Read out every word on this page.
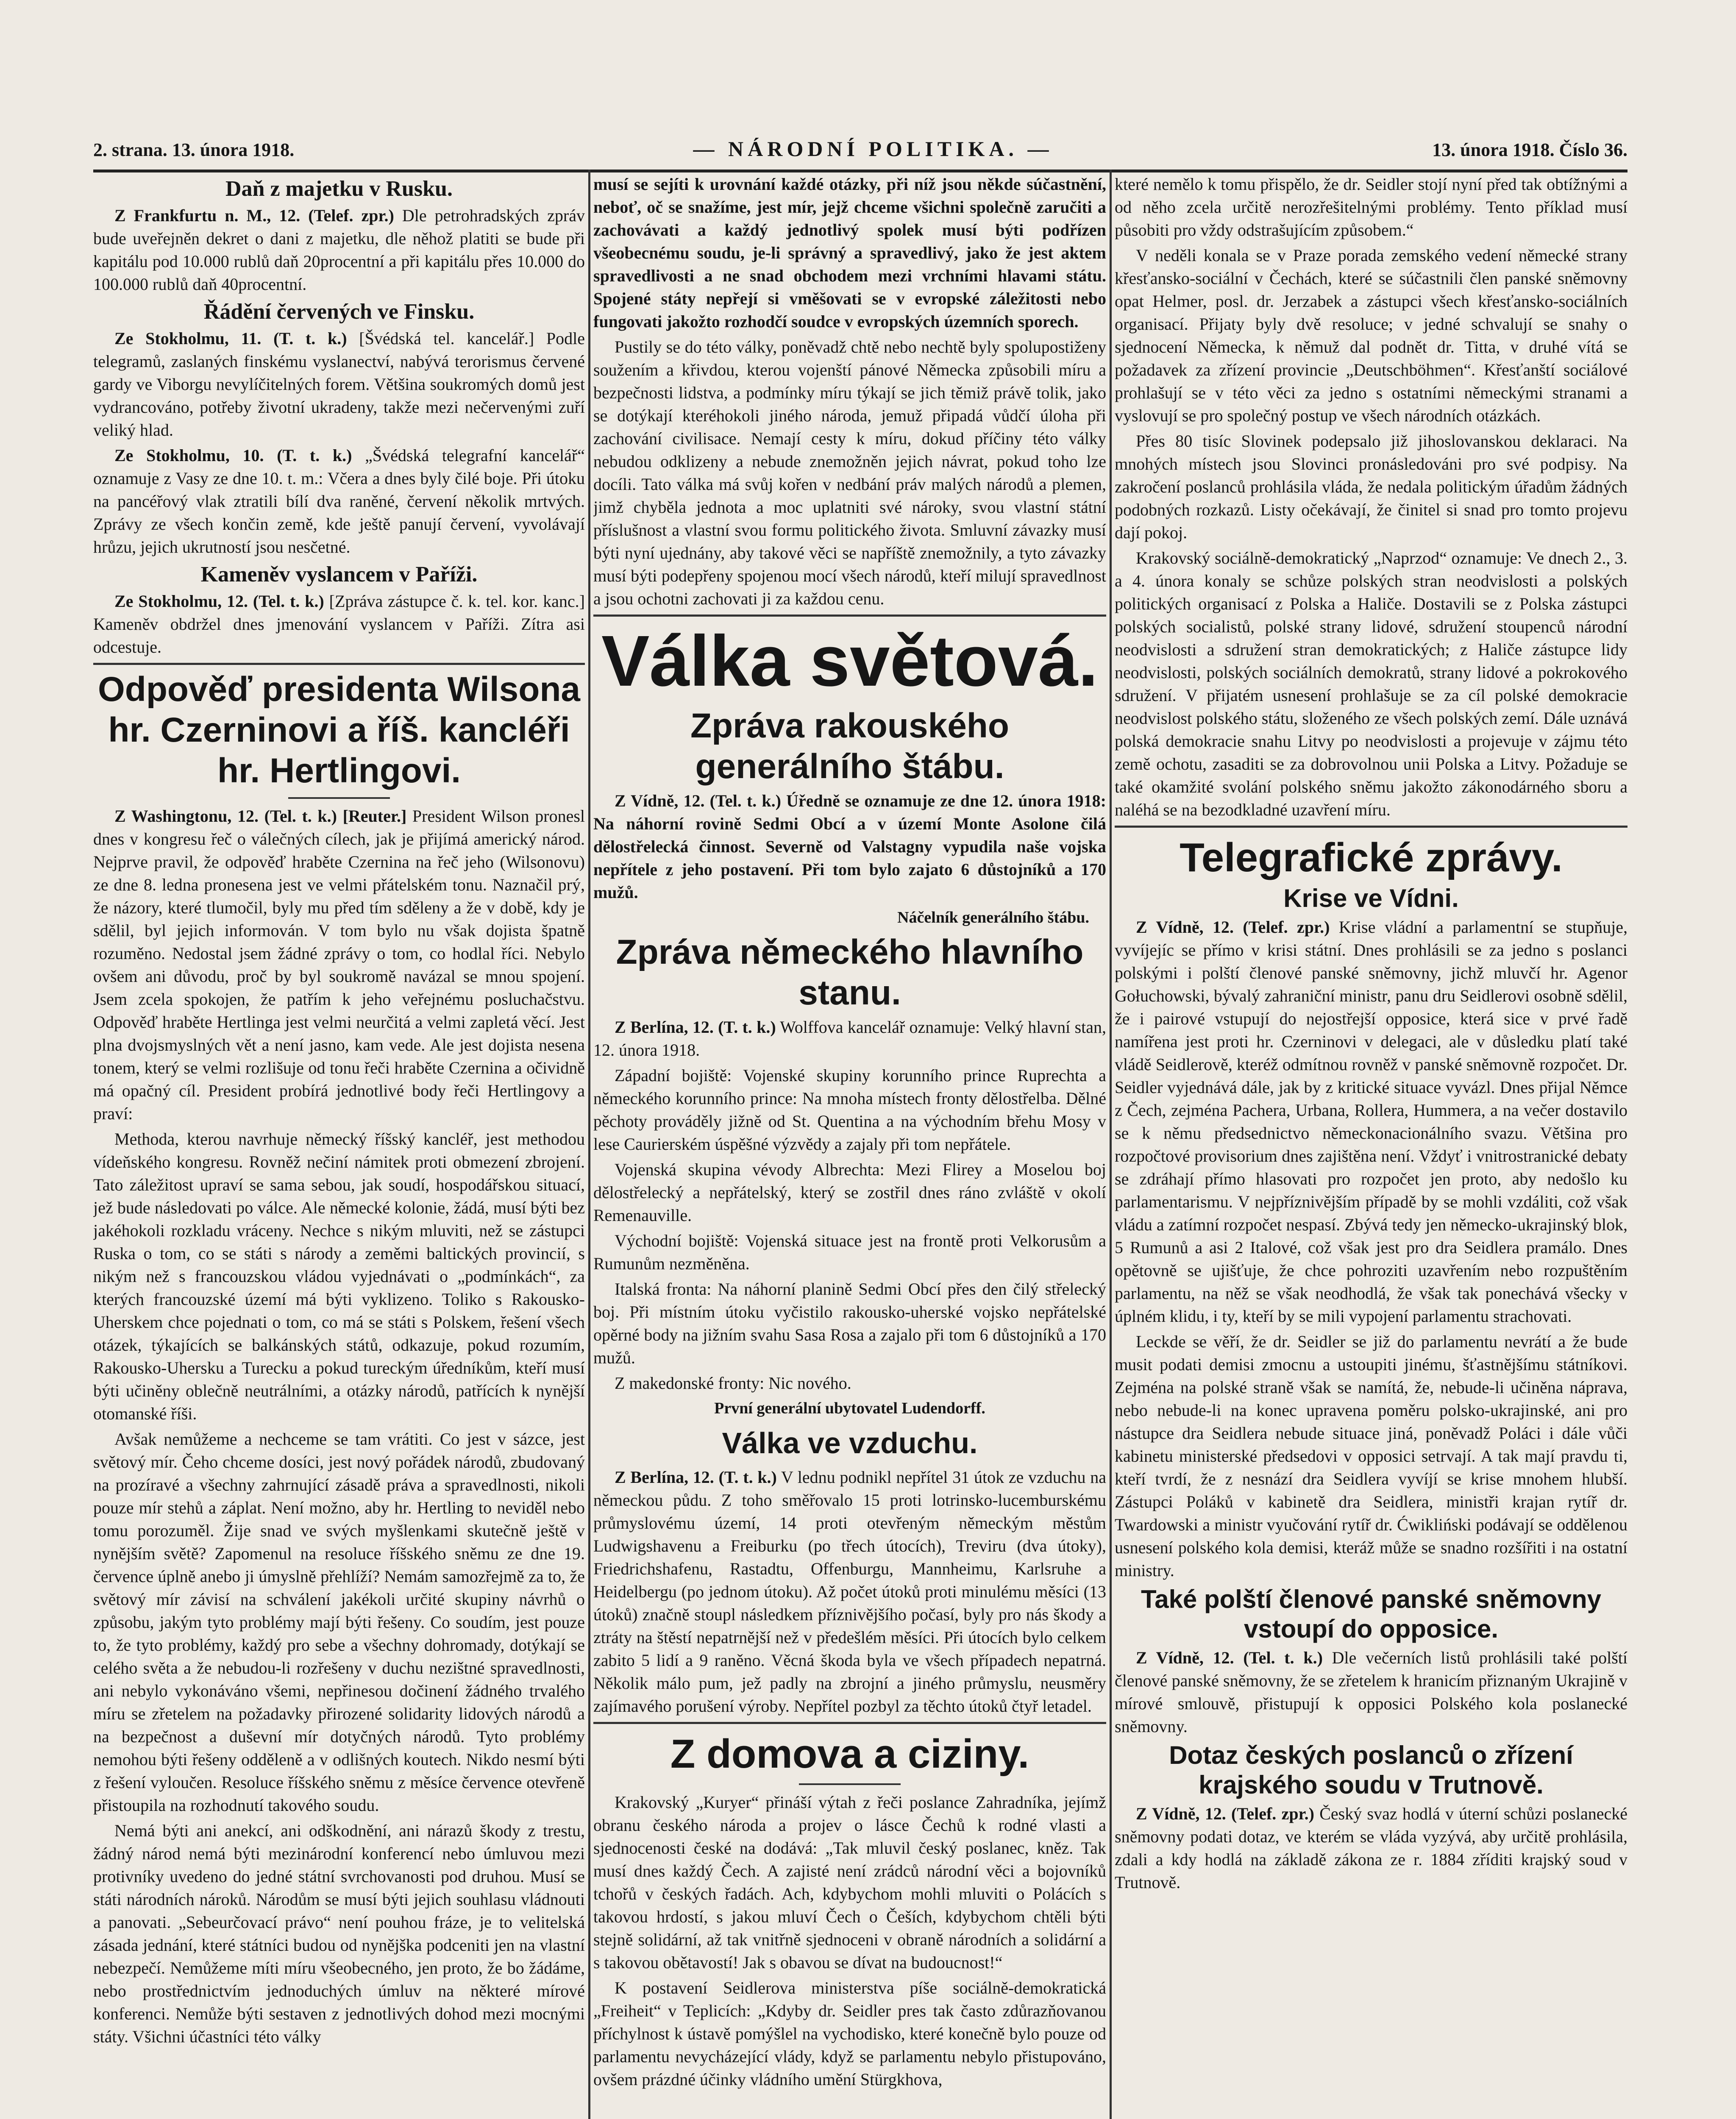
2. strana. 13. února 1918.	— NÁRODNÍ POLITIKA. —	13. února 1918. Číslo 36.
Daň z majetku v Rusku.

Z Frankfurtu n. M., 12. (Telef. zpr.) Dle petrohradských zpráv bude uveřejněn dekret o dani z majetku, dle něhož platiti se bude při kapitálu pod 10.000 rublů daň 20procentní a při kapitálu přes 10.000 do 100.000 rublů daň 40procentní.

Řádění červených ve Finsku.

Ze Stokholmu, 11. (T. t. k.) [Švédská tel. kancelář.] Podle telegramů, zaslaných finskému vyslanectví, nabývá terorismus červené gardy ve Viborgu nevylíčitelných forem. Většina soukromých domů jest vydrancováno, potřeby životní ukradeny, takže mezi nečervenými zuří veliký hlad.

Ze Stokholmu, 10. (T. t. k.) „Švédská telegrafní kancelář“ oznamuje z Vasy ze dne 10. t. m.: Včera a dnes byly čilé boje. Při útoku na pancéřový vlak ztratili bílí dva raněné, červení několik mrtvých. Zprávy ze všech končin země, kde ještě panují červení, vyvolávají hrůzu, jejich ukrutností jsou nesčetné.

Kameněv vyslancem v Paříži.

Ze Stokholmu, 12. (Tel. t. k.) [Zpráva zástupce č. k. tel. kor. kanc.] Kameněv obdržel dnes jmenování vyslancem v Paříži. Zítra asi odcestuje.

Odpověď presidenta Wilsona hr. Czerninovi a říš. kancléři hr. Hertlingovi.

Z Washingtonu, 12. (Tel. t. k.) [Reuter.] President Wilson pronesl dnes v kongresu řeč o válečných cílech, jak je přijímá americký národ. Nejprve pravil, že odpověď hraběte Czernina na řeč jeho (Wilsonovu) ze dne 8. ledna pronesena jest ve velmi přátelském tonu. Naznačil prý, že názory, které tlumočil, byly mu před tím sděleny a že v době, kdy je sdělil, byl jejich informován. V tom bylo nu však dojista špatně rozuměno. Nedostal jsem žádné zprávy o tom, co hodlal říci. Nebylo ovšem ani důvodu, proč by byl soukromě navázal se mnou spojení. Jsem zcela spokojen, že patřím k jeho veřejnému posluchačstvu. Odpověď hraběte Hertlinga jest velmi neurčitá a velmi zapletá věcí. Jest plna dvojsmyslných vět a není jasno, kam vede. Ale jest dojista nesena tonem, který se velmi rozlišuje od tonu řeči hraběte Czernina a očividně má opačný cíl. President probírá jednotlivé body řeči Hertlingovy a praví:

Methoda, kterou navrhuje německý říšský kancléř, jest methodou vídeňského kongresu. Rovněž nečiní námitek proti obmezení zbrojení. Tato záležitost upraví se sama sebou, jak soudí, hospodářskou situací, jež bude následovati po válce. Ale německé kolonie, žádá, musí býti bez jakéhokoli rozkladu vráceny. Nechce s nikým mluviti, než se zástupci Ruska o tom, co se státi s národy a zeměmi baltických provincií, s nikým než s francouzskou vládou vyjednávati o „podmínkách“, za kterých francouzské území má býti vyklizeno. Toliko s Rakousko-Uherskem chce pojednati o tom, co má se státi s Polskem, řešení všech otázek, týkajících se balkánských států, odkazuje, pokud rozumím, Rakousko-Uhersku a Turecku a pokud tureckým úředníkům, kteří musí býti učiněny oblečně neutrálními, a otázky národů, patřících k nynější otomanské říši.

Avšak nemůžeme a nechceme se tam vrátiti. Co jest v sázce, jest světový mír. Čeho chceme dosíci, jest nový pořádek národů, zbudovaný na prozíravé a všechny zahrnující zásadě práva a spravedlnosti, nikoli pouze mír stehů a záplat. Není možno, aby hr. Hertling to neviděl nebo tomu porozuměl. Žije snad ve svých myšlenkami skutečně ještě v nynějším světě? Zapomenul na resoluce říšského sněmu ze dne 19. července úplně anebo ji úmyslně přehlíží? Nemám samozřejmě za to, že světový mír závisí na schválení jakékoli určité skupiny návrhů o způsobu, jakým tyto problémy mají býti řešeny. Co soudím, jest pouze to, že tyto problémy, každý pro sebe a všechny dohromady, dotýkají se celého světa a že nebudou-li rozřešeny v duchu nezištné spravedlnosti, ani nebylo vykonáváno všemi, nepřinesou dočinení žádného trvalého míru se zřetelem na požadavky přirozené solidarity lidových národů a na bezpečnost a duševní mír dotyčných národů. Tyto problémy nemohou býti řešeny odděleně a v odlišných koutech. Nikdo nesmí býti z řešení vyloučen. Resoluce říšského sněmu z měsíce července otevřeně přistoupila na rozhodnutí takového soudu.

Nemá býti ani anekcí, ani odškodnění, ani nárazů škody z trestu, žádný národ nemá býti mezinárodní konferencí nebo úmluvou mezi protivníky uvedeno do jedné státní svrchovanosti pod druhou. Musí se státi národních nároků. Národům se musí býti jejich souhlasu vládnouti a panovati. „Sebeurčovací právo“ není pouhou fráze, je to velitelská zásada jednání, které státníci budou od nynějška podceniti jen na vlastní nebezpečí. Nemůžeme míti míru všeobecného, jen proto, že bo žádáme, nebo prostřednictvím jednoduchých úmluv na některé mírové konferenci. Nemůže býti sestaven z jednotlivých dohod mezi mocnými státy. Všichni účastníci této války

musí se sejíti k urovnání každé otázky, při níž jsou někde súčastnění, neboť, oč se snažíme, jest mír, jejž chceme všichni společně zaručiti a zachovávati a každý jednotlivý spolek musí býti podřízen všeobecnému soudu, je-li správný a spravedlivý, jako že jest aktem spravedlivosti a ne snad obchodem mezi vrchními hlavami státu. Spojené státy nepřejí si vměšovati se v evropské záležitosti nebo fungovati jakožto rozhodčí soudce v evropských územních sporech.

Pustily se do této války, poněvadž chtě nebo nechtě byly spolupostiženy soužením a křivdou, kterou vojenští pánové Německa způsobili míru a bezpečnosti lidstva, a podmínky míru týkají se jich těmiž právě tolik, jako se dotýkají kteréhokoli jiného národa, jemuž připadá vůdčí úloha při zachování civilisace. Nemají cesty k míru, dokud příčiny této války nebudou odklizeny a nebude znemožněn jejich návrat, pokud toho lze docíli. Tato válka má svůj kořen v nedbání práv malých národů a plemen, jimž chyběla jednota a moc uplatniti své nároky, svou vlastní státní příslušnost a vlastní svou formu politického života. Smluvní závazky musí býti nyní ujednány, aby takové věci se napříště znemožnily, a tyto závazky musí býti podepřeny spojenou mocí všech národů, kteří milují spravedlnost a jsou ochotni zachovati ji za každou cenu.

Válka světová.
Zpráva rakouského generálního štábu.

Z Vídně, 12. (Tel. t. k.) Úředně se oznamuje ze dne 12. února 1918: Na náhorní rovině Sedmi Obcí a v území Monte Asolone čilá dělostřelecká činnost. Severně od Valstagny vypudila naše vojska nepřítele z jeho postavení. Při tom bylo zajato 6 důstojníků a 170 mužů.

Náčelník generálního štábu.
Zpráva německého hlavního stanu.

Z Berlína, 12. (T. t. k.) Wolffova kancelář oznamuje: Velký hlavní stan, 12. února 1918.

Západní bojiště: Vojenské skupiny korunního prince Ruprechta a německého korunního prince: Na mnoha místech fronty dělostřelba. Dělné pěchoty prováděly jižně od St. Quentina a na východním břehu Mosy v lese Caurierském úspěšné výzvědy a zajaly při tom nepřátele.

Vojenská skupina vévody Albrechta: Mezi Flirey a Moselou boj dělostřelecký a nepřátelský, který se zostřil dnes ráno zvláště v okolí Remenauville.

Východní bojiště: Vojenská situace jest na frontě proti Velkorusům a Rumunům nezměněna.

Italská fronta: Na náhorní planině Sedmi Obcí přes den čilý střelecký boj. Při místním útoku vyčistilo rakousko-uherské vojsko nepřátelské opěrné body na jižním svahu Sasa Rosa a zajalo při tom 6 důstojníků a 170 mužů.

Z makedonské fronty: Nic nového.

První generální ubytovatel Ludendorff.
Válka ve vzduchu.

Z Berlína, 12. (T. t. k.) V lednu podnikl nepřítel 31 útok ze vzduchu na německou půdu. Z toho směřovalo 15 proti lotrinsko-lucemburskému průmyslovému území, 14 proti otevřeným německým městům Ludwigshavenu a Freiburku (po třech útocích), Treviru (dva útoky), Friedrichshafenu, Rastadtu, Offenburgu, Mannheimu, Karlsruhe a Heidelbergu (po jednom útoku). Až počet útoků proti minulému měsíci (13 útoků) značně stoupl následkem příznivějšího počasí, byly pro nás škody a ztráty na štěstí nepatrnější než v předešlém měsíci. Při útocích bylo celkem zabito 5 lidí a 9 raněno. Věcná škoda byla ve všech případech nepatrná. Několik málo pum, jež padly na zbrojní a jiného průmyslu, neusměry zajímavého porušení výroby. Nepřítel pozbyl za těchto útoků čtyř letadel.

Z domova a ciziny.

Krakovský „Kuryer“ přináší výtah z řeči poslance Zahradníka, jejímž obranu českého národa a projev o lásce Čechů k rodné vlasti a sjednocenosti české na dodává: „Tak mluvil český poslanec, kněz. Tak musí dnes každý Čech. A zajisté není zrádců národní věci a bojovníků tchořů v českých řadách. Ach, kdybychom mohli mluviti o Polácích s takovou hrdostí, s jakou mluví Čech o Češích, kdybychom chtěli býti stejně solidární, až tak vnitřně sjednoceni v obraně národních a solidární a s takovou obětavostí! Jak s obavou se dívat na budoucnost!“

K postavení Seidlerova ministerstva píše sociálně-demokratická „Freiheit“ v Teplicích: „Kdyby dr. Seidler pres tak často zdůrazňovanou příchylnost k ústavě pomýšlel na vychodisko, které konečně bylo pouze od parlamentu nevycházející vlády, když se parlamentu nebylo přistupováno, ovšem prázdné účinky vládního umění Stürgkhova,

které nemělo k tomu přispělo, že dr. Seidler stojí nyní před tak obtížnými a od něho zcela určitě nerozřešitelnými problémy. Tento příklad musí působiti pro vždy odstrašujícím způsobem.“

V neděli konala se v Praze porada zemského vedení německé strany křesťansko-sociální v Čechách, které se súčastnili člen panské sněmovny opat Helmer, posl. dr. Jerzabek a zástupci všech křesťansko-sociálních organisací. Přijaty byly dvě resoluce; v jedné schvalují se snahy o sjednocení Německa, k němuž dal podnět dr. Titta, v druhé vítá se požadavek za zřízení provincie „Deutschböhmen“. Křesťanští sociálové prohlašují se v této věci za jedno s ostatními německými stranami a vyslovují se pro společný postup ve všech národních otázkách.

Přes 80 tisíc Slovinek podepsalo již jihoslovanskou deklaraci. Na mnohých místech jsou Slovinci pronásledováni pro své podpisy. Na zakročení poslanců prohlásila vláda, že nedala politickým úřadům žádných podobných rozkazů. Listy očekávají, že činitel si snad pro tomto projevu dají pokoj.

Krakovský sociálně-demokratický „Naprzod“ oznamuje: Ve dnech 2., 3. a 4. února konaly se schůze polských stran neodvislosti a polských politických organisací z Polska a Haliče. Dostavili se z Polska zástupci polských socialistů, polské strany lidové, sdružení stoupenců národní neodvislosti a sdružení stran demokratických; z Haliče zástupce lidy neodvislosti, polských sociálních demokratů, strany lidové a pokrokového sdružení. V přijatém usnesení prohlašuje se za cíl polské demokracie neodvislost polského státu, složeného ze všech polských zemí. Dále uznává polská demokracie snahu Litvy po neodvislosti a projevuje v zájmu této země ochotu, zasaditi se za dobrovolnou unii Polska a Litvy. Požaduje se také okamžité svolání polského sněmu jakožto zákonodárného sboru a naléhá se na bezodkladné uzavření míru.

Telegrafické zprávy.
Krise ve Vídni.

Z Vídně, 12. (Telef. zpr.) Krise vládní a parlamentní se stupňuje, vyvíjejíc se přímo v krisi státní. Dnes prohlásili se za jedno s poslanci polskými i polští členové panské sněmovny, jichž mluvčí hr. Agenor Gołuchowski, bývalý zahraniční ministr, panu dru Seidlerovi osobně sdělil, že i pairové vstupují do nejostřejší opposice, která sice v prvé řadě namířena jest proti hr. Czerninovi v delegaci, ale v důsledku platí také vládě Seidlerově, kteréž odmítnou rovněž v panské sněmovně rozpočet. Dr. Seidler vyjednává dále, jak by z kritické situace vyvázl. Dnes přijal Němce z Čech, zejména Pachera, Urbana, Rollera, Hummera, a na večer dostavilo se k němu předsednictvo německonacionálního svazu. Většina pro rozpočtové provisorium dnes zajištěna není. Vždyť i vnitrostranické debaty se zdráhají přímo hlasovati pro rozpočet jen proto, aby nedošlo ku parlamentarismu. V nejpříznivějším případě by se mohli vzdáliti, což však vládu a zatímní rozpočet nespasí. Zbývá tedy jen německo-ukrajinský blok, 5 Rumunů a asi 2 Italové, což však jest pro dra Seidlera pramálo. Dnes opětovně se ujišťuje, že chce pohroziti uzavřením nebo rozpuštěním parlamentu, na něž se však neodhodlá, že však tak ponechává všecky v úplném klidu, i ty, kteří by se mili vypojení parlamentu strachovati.

Leckde se věří, že dr. Seidler se již do parlamentu nevrátí a že bude musit podati demisi zmocnu a ustoupiti jinému, šťastnějšímu státníkovi. Zejména na polské straně však se namítá, že, nebude-li učiněna náprava, nebo nebude-li na konec upravena poměru polsko-ukrajinské, ani pro nástupce dra Seidlera nebude situace jiná, poněvadž Poláci i dále vůči kabinetu ministerské předsedovi v opposici setrvají. A tak mají pravdu ti, kteří tvrdí, že z nesnází dra Seidlera vyvíjí se krise mnohem hlubší. Zástupci Poláků v kabinetě dra Seidlera, ministři krajan rytíř dr. Twardowski a ministr vyučování rytíř dr. Ćwikliński podávají se oddělenou usnesení polského kola demisi, kteráž může se snadno rozšířiti i na ostatní ministry.

Také polští členové panské sněmovny vstoupí do opposice.

Z Vídně, 12. (Tel. t. k.) Dle večerních listů prohlásili také polští členové panské sněmovny, že se zřetelem k hranicím přiznaným Ukrajině v mírové smlouvě, přistupují k opposici Polského kola poslanecké sněmovny.

Dotaz českých poslanců o zřízení krajského soudu v Trutnově.

Z Vídně, 12. (Telef. zpr.) Český svaz hodlá v úterní schůzi poslanecké sněmovny podati dotaz, ve kterém se vláda vyzývá, aby určitě prohlásila, zdali a kdy hodlá na základě zákona ze r. 1884 zříditi krajský soud v Trutnově.
